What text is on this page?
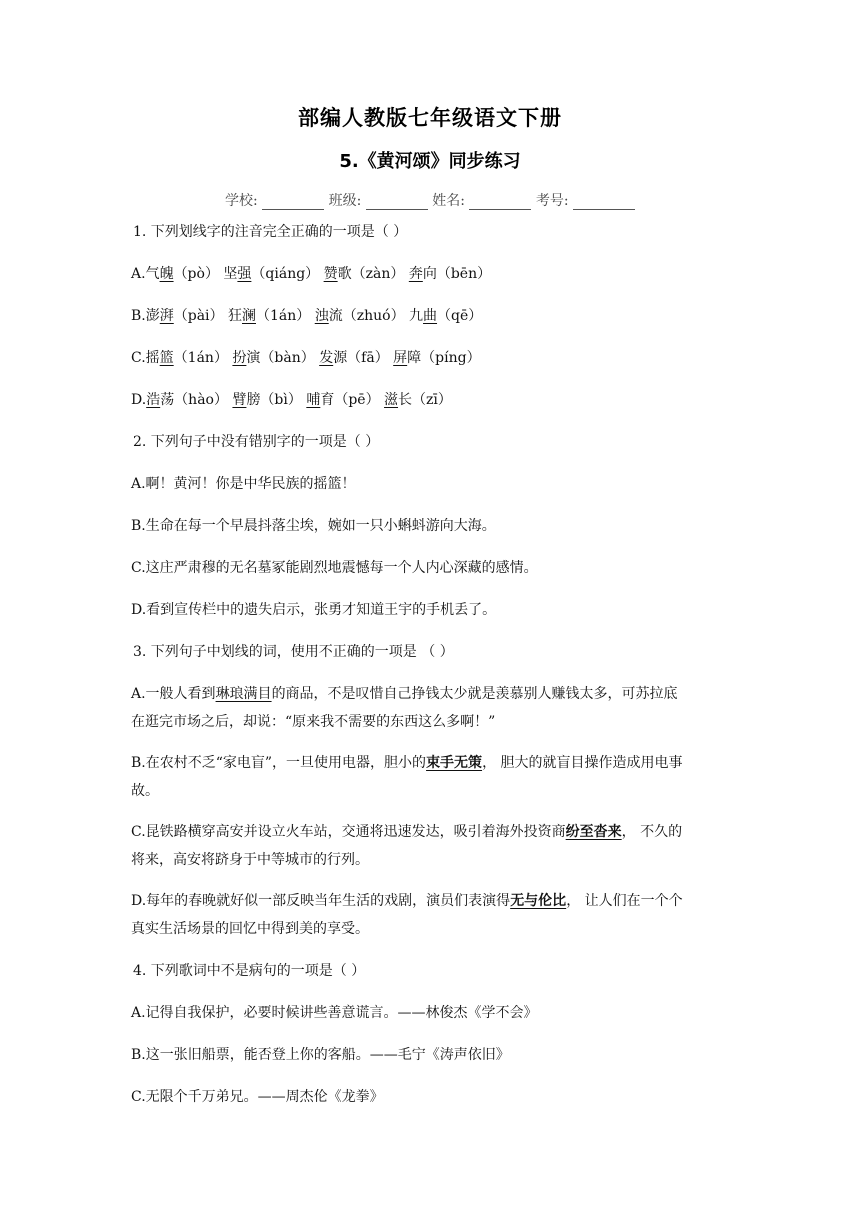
部编人教版七年级语文下册
5.《黄河颂》同步练习
学校:	班级:	姓名:	考号:
1. 下列划线字的注音完全正确的一项是（ ）
A.气魄（pò） 坚强（qiáng） 赞歌（zàn） 奔向（bēn）
B.澎湃（pài） 狂澜（1án） 浊流（zhuó） 九曲（qē）
C.摇篮（1án） 扮演（bàn） 发源（fā） 屏障（píng）
D.浩荡（hào） 臂膀（bì） 哺育（pē） 滋长（zī）
2. 下列句子中没有错别字的一项是（ ）
A.啊！黄河！你是中华民族的摇篮！
B.生命在每一个早晨抖落尘埃，婉如一只小蝌蚪游向大海。
C.这庄严肃穆的无名墓冢能剧烈地震憾每一个人内心深藏的感情。
D.看到宣传栏中的遗失启示，张勇才知道王宇的手机丢了。
3. 下列句子中划线的词，使用不正确的一项是 （ ）
A.一般人看到琳琅满目的商品，不是叹惜自己挣钱太少就是羡慕别人赚钱太多，可苏拉底
在逛完市场之后，却说：“原来我不需要的东西这么多啊！”
B.在农村不乏“家电盲”，一旦使用电器，胆小的束手无策， 胆大的就盲目操作造成用电事
故。
C.昆铁路横穿高安并设立火车站，交通将迅速发达，吸引着海外投资商纷至沓来， 不久的
将来，高安将跻身于中等城市的行列。
D.每年的春晚就好似一部反映当年生活的戏剧，演员们表演得无与伦比， 让人们在一个个
真实生活场景的回忆中得到美的享受。
4. 下列歌词中不是病句的一项是（ ）
A.记得自我保护，必要时候讲些善意谎言。——林俊杰《学不会》
B.这一张旧船票，能否登上你的客船。——毛宁《涛声依旧》
C.无限个千万弟兄。——周杰伦《龙拳》
